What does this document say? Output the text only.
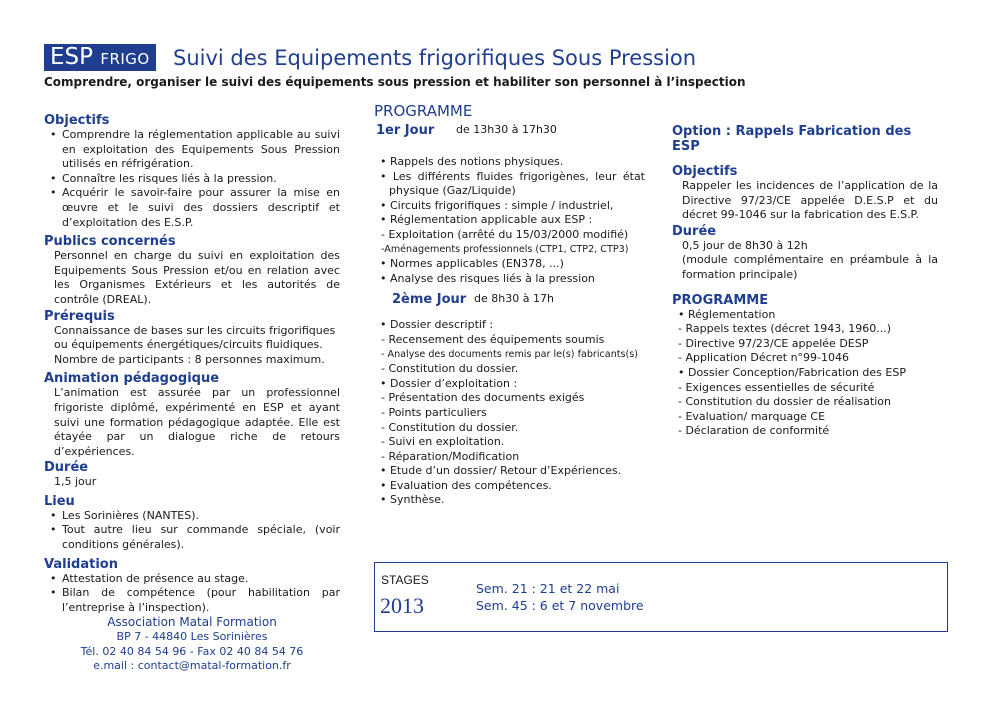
ESP FRIGO Suivi des Equipements frigorifiques Sous Pression
Comprendre, organiser le suivi des équipements sous pression et habiliter son personnel à l’inspection
Objectifs
• Comprendre la réglementation applicable au suivi en exploitation des Equipements Sous Pression utilisés en réfrigération.
• Connaître les risques liés à la pression.
• Acquérir le savoir-faire pour assurer la mise en œuvre et le suivi des dossiers descriptif et d’exploitation des E.S.P.
Publics concernés
Personnel en charge du suivi en exploitation des Equipements Sous Pression et/ou en relation avec les Organismes Extérieurs et les autorités de contrôle (DREAL).
Prérequis
Connaissance de bases sur les circuits frigorifiques ou équipements énergétiques/circuits fluidiques.
Nombre de participants : 8 personnes maximum.
Animation pédagogique
L’animation est assurée par un professionnel frigoriste diplômé, expérimenté en ESP et ayant suivi une formation pédagogique adaptée. Elle est étayée par un dialogue riche de retours d’expériences.
Durée
1,5 jour
Lieu
• Les Sorinières (NANTES).
• Tout autre lieu sur commande spéciale, (voir conditions générales).
Validation
• Attestation de présence au stage.
• Bilan de compétence (pour habilitation par l’entreprise à l’inspection).
Association Matal Formation
BP 7 - 44840 Les Sorinières
Tél. 02 40 84 54 96 - Fax 02 40 84 54 76
e.mail : contact@matal-formation.fr
PROGRAMME
1er Jour de 13h30 à 17h30
• Rappels des notions physiques.
• Les différents fluides frigorigènes, leur état physique (Gaz/Liquide)
• Circuits frigorifiques : simple / industriel,
• Réglementation applicable aux ESP :
- Exploitation (arrêté du 15/03/2000 modifié)
-Aménagements professionnels (CTP1, CTP2, CTP3)
• Normes applicables (EN378, ...)
• Analyse des risques liés à la pression
2ème Jour de 8h30 à 17h
• Dossier descriptif :
- Recensement des équipements soumis
- Analyse des documents remis par le(s) fabricants(s)
- Constitution du dossier.
• Dossier d’exploitation :
- Présentation des documents exigés
- Points particuliers
- Constitution du dossier.
- Suivi en exploitation.
- Réparation/Modification
• Etude d’un dossier/ Retour d’Expériences.
• Evaluation des compétences.
• Synthèse.
Option : Rappels Fabrication des ESP
Objectifs
Rappeler les incidences de l’application de la Directive 97/23/CE appelée D.E.S.P et du décret 99-1046 sur la fabrication des E.S.P.
Durée
0,5 jour de 8h30 à 12h
(module complémentaire en préambule à la formation principale)
PROGRAMME
• Réglementation
- Rappels textes (décret 1943, 1960...)
- Directive 97/23/CE appelée DESP
- Application Décret n°99-1046
• Dossier Conception/Fabrication des ESP
- Exigences essentielles de sécurité
- Constitution du dossier de réalisation
- Evaluation/ marquage CE
- Déclaration de conformité
STAGES
2013
Sem. 21 : 21 et 22 mai
Sem. 45 : 6 et 7 novembre
